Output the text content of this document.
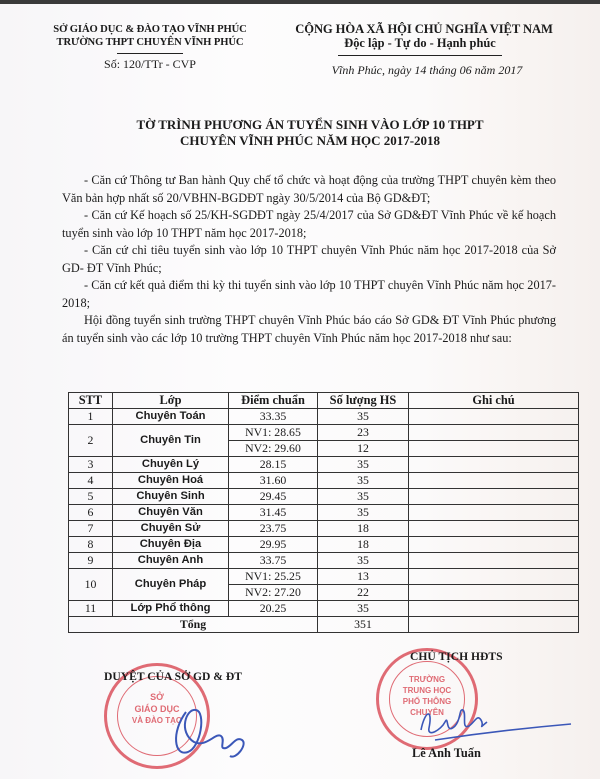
SỞ GIÁO DỤC & ĐÀO TẠO VĨNH PHÚC
TRƯỜNG THPT CHUYÊN VĨNH PHÚC
Số: 120/TTr - CVP
CỘNG HÒA XÃ HỘI CHỦ NGHĨA VIỆT NAM
Độc lập - Tự do - Hạnh phúc
Vĩnh Phúc, ngày 14 tháng 06 năm 2017
TỜ TRÌNH PHƯƠNG ÁN TUYỂN SINH VÀO LỚP 10 THPT
CHUYÊN VĨNH PHÚC NĂM HỌC 2017-2018

- Căn cứ Thông tư Ban hành Quy chế tổ chức và hoạt động của trường THPT chuyên kèm theo Văn bản hợp nhất số 20/VBHN-BGDĐT ngày 30/5/2014 của Bộ GD&ĐT;

- Căn cứ Kế hoạch số 25/KH-SGDĐT ngày 25/4/2017 của Sở GD&ĐT Vĩnh Phúc về kế hoạch tuyển sinh vào lớp 10 THPT năm học 2017-2018;

- Căn cứ chỉ tiêu tuyển sinh vào lớp 10 THPT chuyên Vĩnh Phúc năm học 2017-2018 của Sở GD- ĐT Vĩnh Phúc;

- Căn cứ kết quả điểm thi kỳ thi tuyển sinh vào lớp 10 THPT chuyên Vĩnh Phúc năm học 2017-2018;

Hội đồng tuyển sinh trường THPT chuyên Vĩnh Phúc báo cáo Sở GD& ĐT Vĩnh Phúc phương án tuyển sinh vào các lớp 10 trường THPT chuyên Vĩnh Phúc năm học 2017-2018 như sau:

STT	Lớp	Điểm chuẩn	Số lượng HS	Ghi chú
1	Chuyên Toán	33.35	35	
2	Chuyên Tin	NV1: 28.65	23	
		NV2: 29.60	12	
3	Chuyên Lý	28.15	35	
4	Chuyên Hoá	31.60	35	
5	Chuyên Sinh	29.45	35	
6	Chuyên Văn	31.45	35	
7	Chuyên Sử	23.75	18	
8	Chuyên Địa	29.95	18	
9	Chuyên Anh	33.75	35	
10	Chuyên Pháp	NV1: 25.25	13	
		NV2: 27.20	22	
11	Lớp Phổ thông	20.25	35	
Tổng			351	
SỞ
GIÁO DỤC
VÀ ĐÀO TẠO
DUYỆT CỦA SỞ GD & ĐT	TRƯỜNG
TRUNG HỌC
PHỔ THÔNG
CHUYÊN
CHỦ TỊCH HĐTS
Lê Anh Tuấn
